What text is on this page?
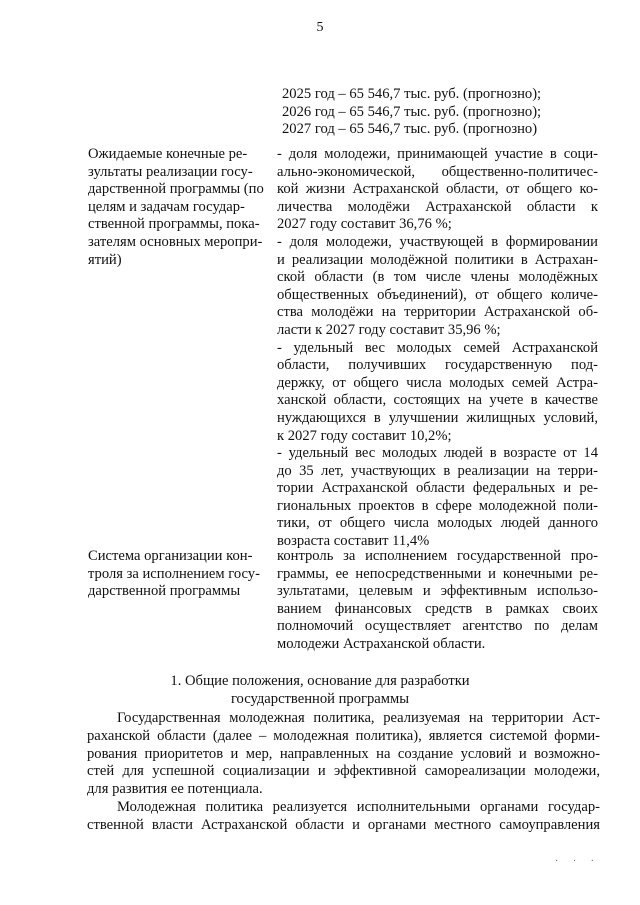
5
2025 год – 65 546,7 тыс. руб. (прогнозно);
2026 год – 65 546,7 тыс. руб. (прогнозно);
2027 год – 65 546,7 тыс. руб. (прогнозно)
Ожидаемые конечные ре-
зультаты реализации госу-
дарственной программы (по
целям и задачам государ-
ственной программы, пока-
зателям основных меропри-
ятий)
- доля молодежи, принимающей участие в соци-
ально-экономической, общественно-политичес-
кой жизни Астраханской области, от общего ко-
личества молодёжи Астраханской области к
2027 году составит 36,76 %;
- доля молодежи, участвующей в формировании
и реализации молодёжной политики в Астрахан-
ской области (в том числе члены молодёжных
общественных объединений), от общего количе-
ства молодёжи на территории Астраханской об-
ласти к 2027 году составит 35,96 %;
- удельный вес молодых семей Астраханской
области, получивших государственную под-
держку, от общего числа молодых семей Астра-
ханской области, состоящих на учете в качестве
нуждающихся в улучшении жилищных условий,
к 2027 году составит 10,2%;
- удельный вес молодых людей в возрасте от 14
до 35 лет, участвующих в реализации на терри-
тории Астраханской области федеральных и ре-
гиональных проектов в сфере молодежной поли-
тики, от общего числа молодых людей данного
возраста составит 11,4%
Система организации кон-
троля за исполнением госу-
дарственной программы
контроль за исполнением государственной про-
граммы, ее непосредственными и конечными ре-
зультатами, целевым и эффективным использо-
ванием финансовых средств в рамках своих
полномочий осуществляет агентство по делам
молодежи Астраханской области.
1. Общие положения, основание для разработки
государственной программы
Государственная молодежная политика, реализуемая на территории Аст-
раханской области (далее – молодежная политика), является системой форми-
рования приоритетов и мер, направленных на создание условий и возможно-
стей для успешной социализации и эффективной самореализации молодежи,
для развития ее потенциала.
Молодежная политика реализуется исполнительными органами государ-
ственной власти Астраханской области и органами местного самоуправления
· · ·
